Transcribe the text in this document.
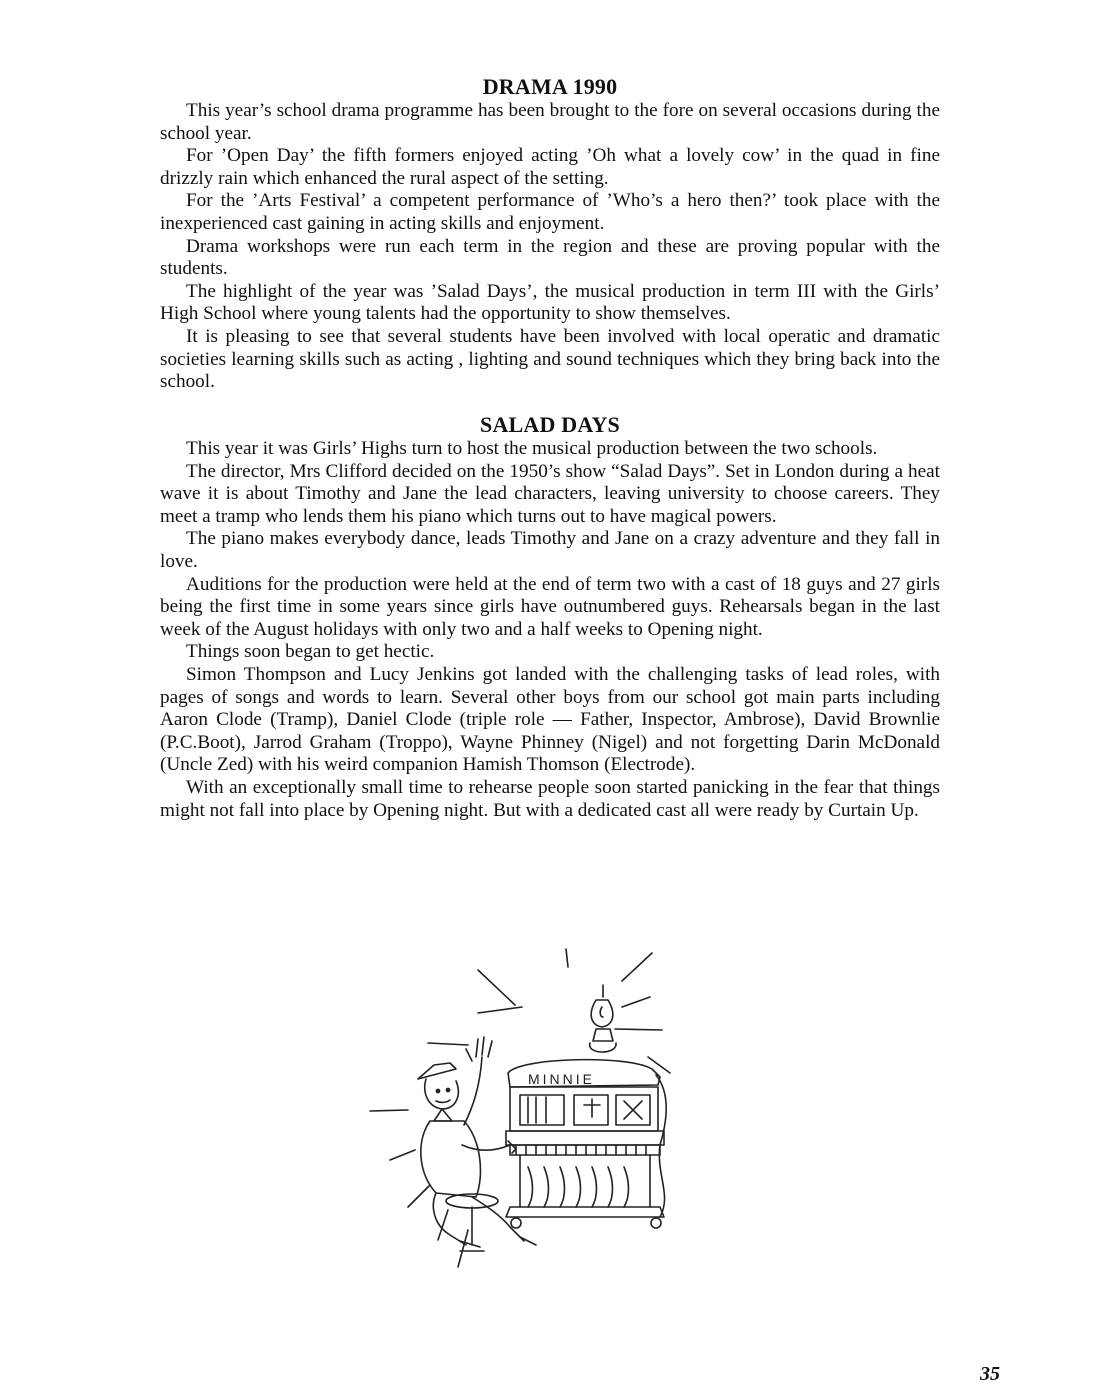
DRAMA 1990

This year’s school drama programme has been brought to the fore on several occasions during the school year.

For ’Open Day’ the fifth formers enjoyed acting ’Oh what a lovely cow’ in the quad in fine drizzly rain which enhanced the rural aspect of the setting.

For the ’Arts Festival’ a competent performance of ’Who’s a hero then?’ took place with the inexperienced cast gaining in acting skills and enjoyment.

Drama workshops were run each term in the region and these are proving popular with the students.

The highlight of the year was ’Salad Days’, the musical production in term III with the Girls’ High School where young talents had the opportunity to show themselves.

It is pleasing to see that several students have been involved with local operatic and dramatic societies learning skills such as acting , lighting and sound techniques which they bring back into the school.

SALAD DAYS

This year it was Girls’ Highs turn to host the musical production between the two schools.

The director, Mrs Clifford decided on the 1950’s show “Salad Days”. Set in London during a heat wave it is about Timothy and Jane the lead characters, leaving university to choose careers. They meet a tramp who lends them his piano which turns out to have magical powers.

The piano makes everybody dance, leads Timothy and Jane on a crazy adventure and they fall in love.

Auditions for the production were held at the end of term two with a cast of 18 guys and 27 girls being the first time in some years since girls have outnumbered guys. Rehearsals began in the last week of the August holidays with only two and a half weeks to Opening night.

Things soon began to get hectic.

Simon Thompson and Lucy Jenkins got landed with the challenging tasks of lead roles, with pages of songs and words to learn. Several other boys from our school got main parts including Aaron Clode (Tramp), Daniel Clode (triple role — Father, Inspector, Ambrose), David Brownlie (P.C.Boot), Jarrod Graham (Troppo), Wayne Phinney (Nigel) and not forgetting Darin McDonald (Uncle Zed) with his weird companion Hamish Thomson (Electrode).

With an exceptionally small time to rehearse people soon started panicking in the fear that things might not fall into place by Opening night. But with a dedicated cast all were ready by Curtain Up.

MINNIE
35
